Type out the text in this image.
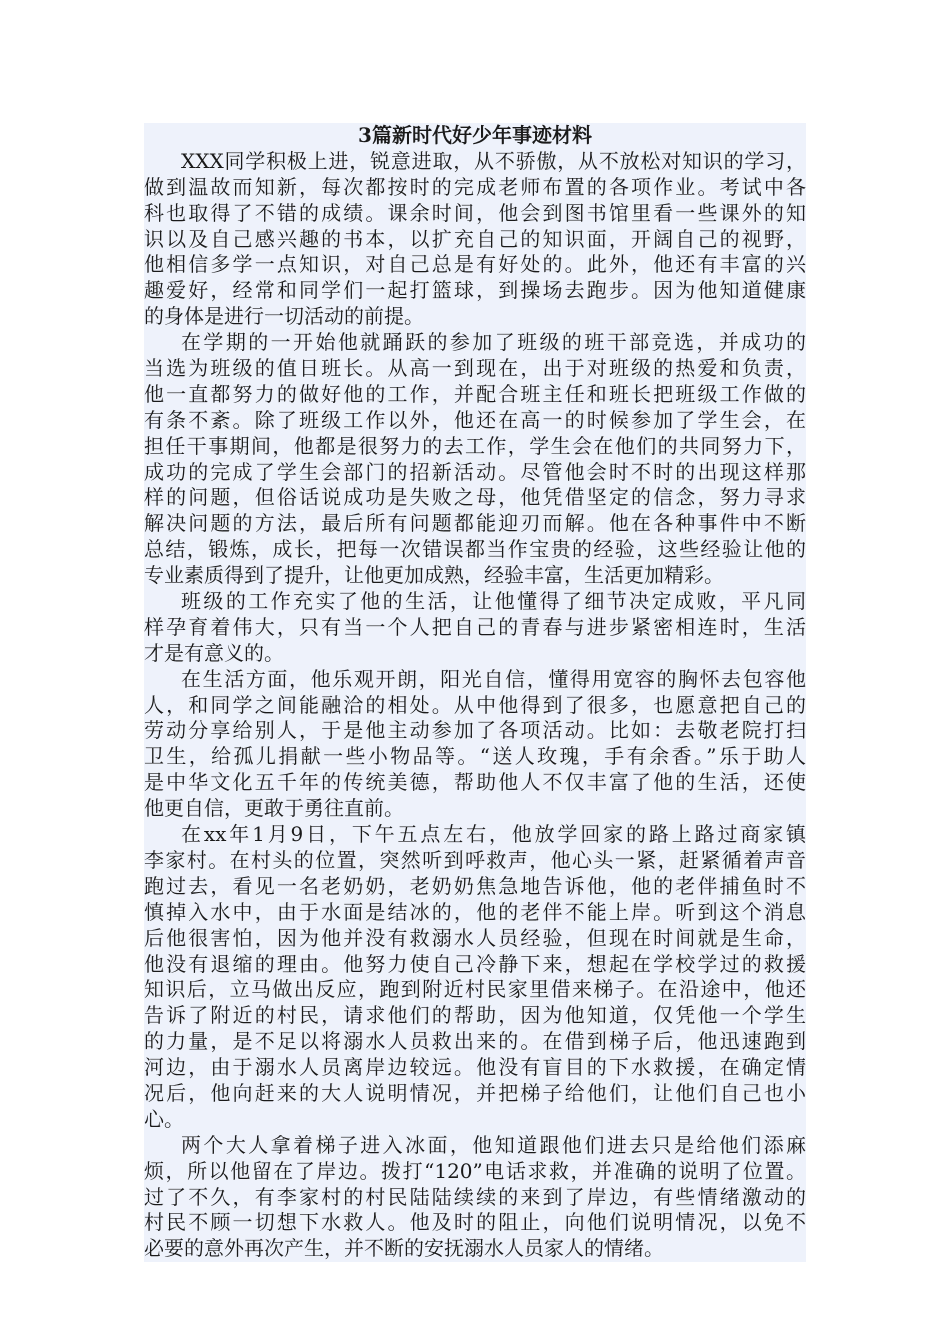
3篇新时代好少年事迹材料
XXX同学积极上进，锐意进取，从不骄傲，从不放松对知识的学习，
做到温故而知新，每次都按时的完成老师布置的各项作业。考试中各
科也取得了不错的成绩。课余时间，他会到图书馆里看一些课外的知
识以及自己感兴趣的书本，以扩充自己的知识面，开阔自己的视野，
他相信多学一点知识，对自己总是有好处的。此外，他还有丰富的兴
趣爱好，经常和同学们一起打篮球，到操场去跑步。因为他知道健康
的身体是进行一切活动的前提。
在学期的一开始他就踊跃的参加了班级的班干部竞选，并成功的
当选为班级的值日班长。从高一到现在，出于对班级的热爱和负责，
他一直都努力的做好他的工作，并配合班主任和班长把班级工作做的
有条不紊。除了班级工作以外，他还在高一的时候参加了学生会，在
担任干事期间，他都是很努力的去工作，学生会在他们的共同努力下，
成功的完成了学生会部门的招新活动。尽管他会时不时的出现这样那
样的问题，但俗话说成功是失败之母，他凭借坚定的信念，努力寻求
解决问题的方法，最后所有问题都能迎刃而解。他在各种事件中不断
总结，锻炼，成长，把每一次错误都当作宝贵的经验，这些经验让他的
专业素质得到了提升，让他更加成熟，经验丰富，生活更加精彩。
班级的工作充实了他的生活，让他懂得了细节决定成败，平凡同
样孕育着伟大，只有当一个人把自己的青春与进步紧密相连时，生活
才是有意义的。
在生活方面，他乐观开朗，阳光自信，懂得用宽容的胸怀去包容他
人，和同学之间能融洽的相处。从中他得到了很多，也愿意把自己的
劳动分享给别人，于是他主动参加了各项活动。比如：去敬老院打扫
卫生，给孤儿捐献一些小物品等。“送人玫瑰，手有余香。”乐于助人
是中华文化五千年的传统美德，帮助他人不仅丰富了他的生活，还使
他更自信，更敢于勇往直前。
在xx年1月9日，下午五点左右，他放学回家的路上路过商家镇
李家村。在村头的位置，突然听到呼救声，他心头一紧，赶紧循着声音
跑过去，看见一名老奶奶，老奶奶焦急地告诉他，他的老伴捕鱼时不
慎掉入水中，由于水面是结冰的，他的老伴不能上岸。听到这个消息
后他很害怕，因为他并没有救溺水人员经验，但现在时间就是生命，
他没有退缩的理由。他努力使自己冷静下来，想起在学校学过的救援
知识后，立马做出反应，跑到附近村民家里借来梯子。在沿途中，他还
告诉了附近的村民，请求他们的帮助，因为他知道，仅凭他一个学生
的力量，是不足以将溺水人员救出来的。在借到梯子后，他迅速跑到
河边，由于溺水人员离岸边较远。他没有盲目的下水救援，在确定情
况后，他向赶来的大人说明情况，并把梯子给他们，让他们自己也小
心。
两个大人拿着梯子进入冰面，他知道跟他们进去只是给他们添麻
烦，所以他留在了岸边。拨打“120”电话求救，并准确的说明了位置。
过了不久，有李家村的村民陆陆续续的来到了岸边，有些情绪激动的
村民不顾一切想下水救人。他及时的阻止，向他们说明情况，以免不
必要的意外再次产生，并不断的安抚溺水人员家人的情绪。
